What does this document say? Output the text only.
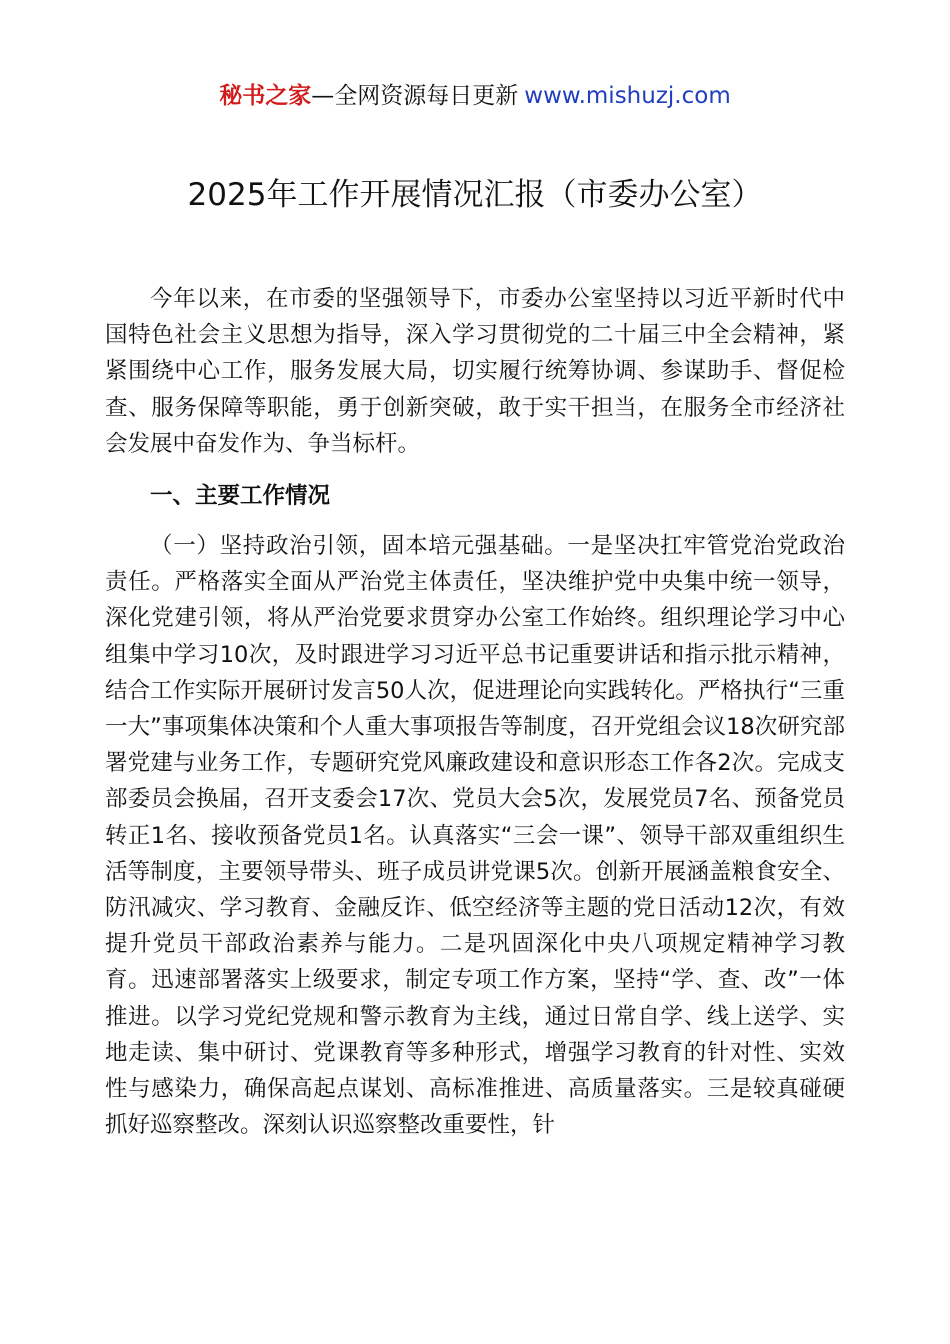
秘书之家—全网资源每日更新 www.mishuzj.com
2025年工作开展情况汇报（市委办公室）

今年以来，在市委的坚强领导下，市委办公室坚持以习近平新时代中国特色社会主义思想为指导，深入学习贯彻党的二十届三中全会精神，紧紧围绕中心工作，服务发展大局，切实履行统筹协调、参谋助手、督促检查、服务保障等职能，勇于创新突破，敢于实干担当，在服务全市经济社会发展中奋发作为、争当标杆。

一、主要工作情况

（一）坚持政治引领，固本培元强基础。一是坚决扛牢管党治党政治责任。严格落实全面从严治党主体责任，坚决维护党中央集中统一领导，深化党建引领，将从严治党要求贯穿办公室工作始终。组织理论学习中心组集中学习10次，及时跟进学习习近平总书记重要讲话和指示批示精神，结合工作实际开展研讨发言50人次，促进理论向实践转化。严格执行“三重一大”事项集体决策和个人重大事项报告等制度，召开党组会议18次研究部署党建与业务工作，专题研究党风廉政建设和意识形态工作各2次。完成支部委员会换届，召开支委会17次、党员大会5次，发展党员7名、预备党员转正1名、接收预备党员1名。认真落实“三会一课”、领导干部双重组织生活等制度，主要领导带头、班子成员讲党课5次。创新开展涵盖粮食安全、防汛减灾、学习教育、金融反诈、低空经济等主题的党日活动12次，有效提升党员干部政治素养与能力。二是巩固深化中央八项规定精神学习教育。迅速部署落实上级要求，制定专项工作方案，坚持“学、查、改”一体推进。以学习党纪党规和警示教育为主线，通过日常自学、线上送学、实地走读、集中研讨、党课教育等多种形式，增强学习教育的针对性、实效性与感染力，确保高起点谋划、高标准推进、高质量落实。三是较真碰硬抓好巡察整改。深刻认识巡察整改重要性，针
